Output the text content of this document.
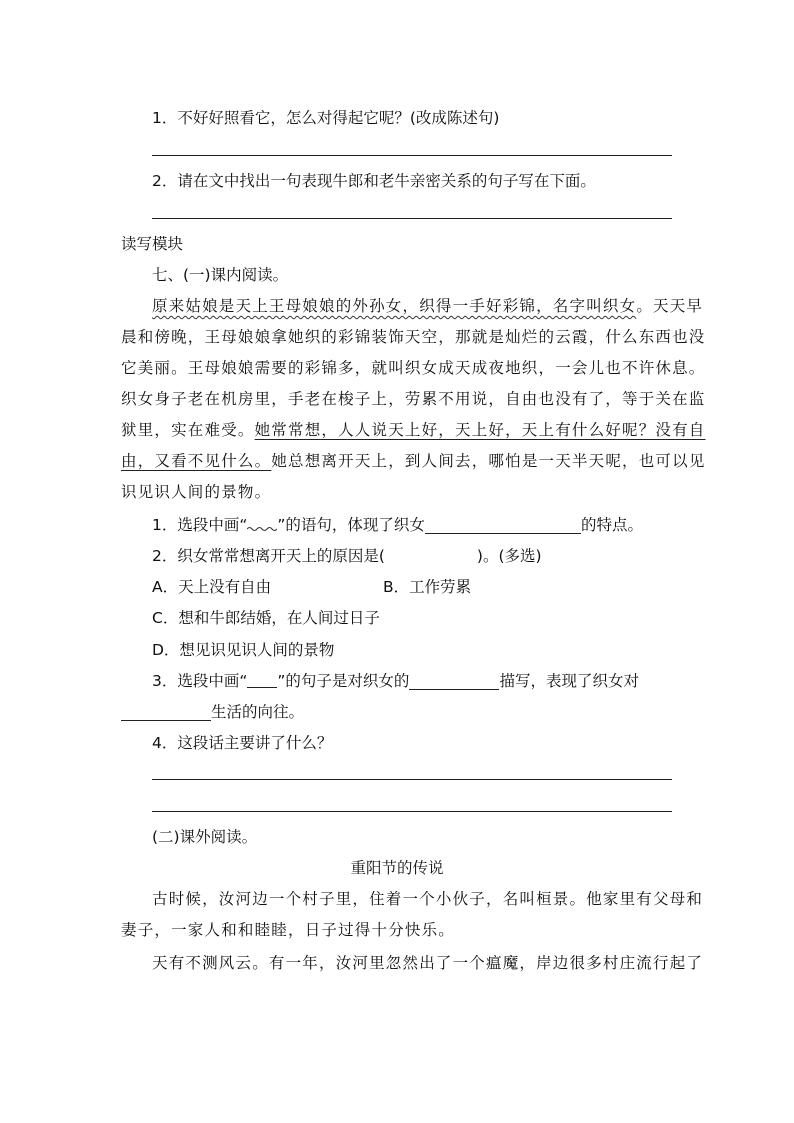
1．不好好照看它，怎么对得起它呢？(改成陈述句)
2．请在文中找出一句表现牛郎和老牛亲密关系的句子写在下面。
读写模块
七、(一)课内阅读。
原来姑娘是天上王母娘娘的外孙女，织得一手好彩锦，名字叫织女。天天早
晨和傍晚，王母娘娘拿她织的彩锦装饰天空，那就是灿烂的云霞，什么东西也没
它美丽。王母娘娘需要的彩锦多，就叫织女成天成夜地织，一会儿也不许休息。
织女身子老在机房里，手老在梭子上，劳累不用说，自由也没有了，等于关在监
狱里，实在难受。她常常想，人人说天上好，天上好，天上有什么好呢？没有自
由，又看不见什么。她总想离开天上，到人间去，哪怕是一天半天呢，也可以见
识见识人间的景物。
1．选段中画“ ”的语句，体现了织女	的特点。
2．织女常常想离开天上的原因是(	)。(多选)
A．天上没有自由	B．工作劳累
C．想和牛郎结婚，在人间过日子
D．想见识见识人间的景物
3．选段中画“ ”的句子是对织女的	描写，表现了织女对
生活的向往。
4．这段话主要讲了什么？
(二)课外阅读。
重阳节的传说
古时候，汝河边一个村子里，住着一个小伙子，名叫桓景。他家里有父母和
妻子，一家人和和睦睦，日子过得十分快乐。
天有不测风云。有一年，汝河里忽然出了一个瘟魔，岸边很多村庄流行起了
